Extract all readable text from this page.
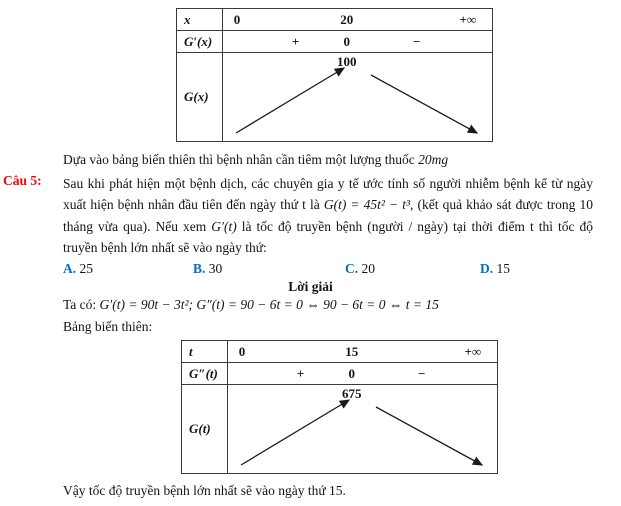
x	0	20	+∞
G′(x)	+	0	−
G(x)
100

Dựa vào bảng biến thiên thì bệnh nhân cần tiêm một lượng thuốc 20mg

Câu 5: Sau khi phát hiện một bệnh dịch, các chuyên gia y tế ước tính số người nhiễm bệnh kể từ ngày xuất hiện bệnh nhân đầu tiên đến ngày thứ t là G(t) = 45t² − t³, (kết quả khảo sát được trong 10 tháng vừa qua). Nếu xem G′(t) là tốc độ truyền bệnh (người / ngày) tại thời điểm t thì tốc độ truyền bệnh lớn nhất sẽ vào ngày thứ:

A. 25	B. 30	C. 20	D. 15
Lời giải

Ta có: G′(t) = 90t − 3t²; G″(t) = 90 − 6t = 0 ⇔ 90 − 6t = 0 ⇔ t = 15

Bảng biến thiên:

t	0	15	+∞
G″(t)	+	0	−
G(t)
675

Vậy tốc độ truyền bệnh lớn nhất sẽ vào ngày thứ 15.
